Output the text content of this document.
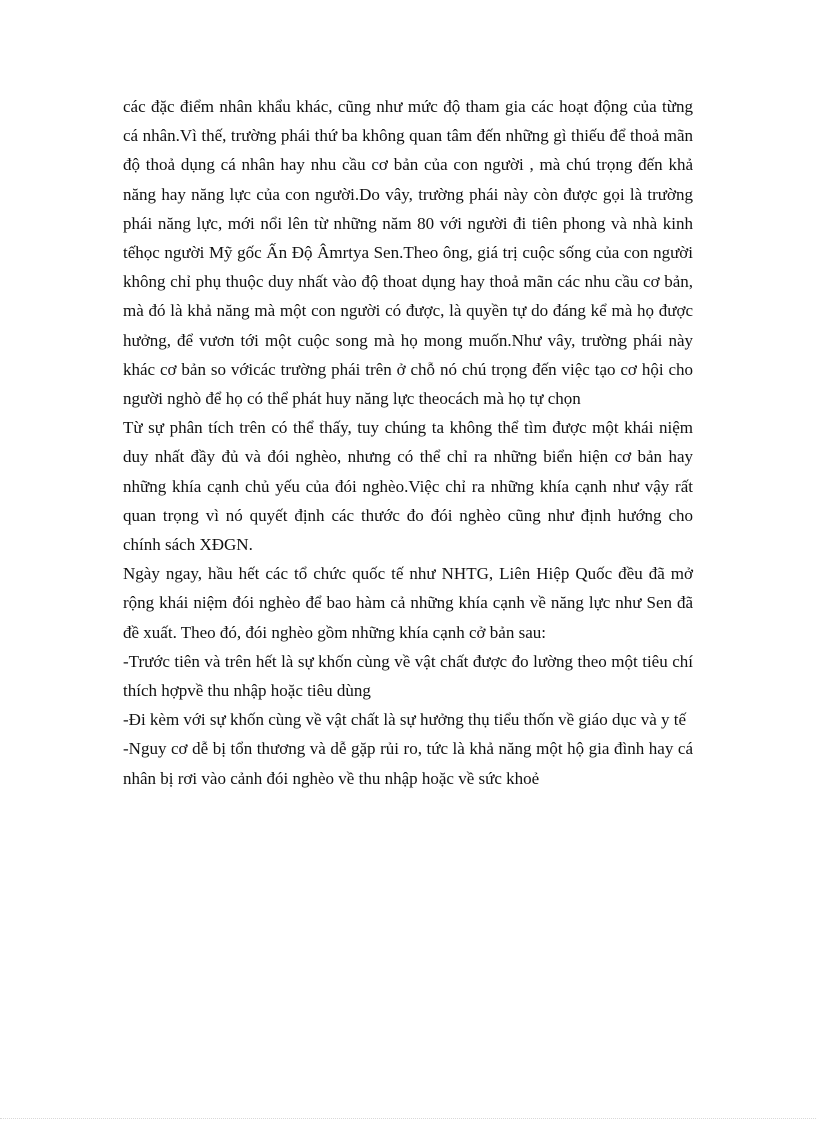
các đặc điểm nhân khẩu khác, cũng như mức độ tham gia các hoạt động của từng cá nhân.Vì thế, trường phái thứ ba không quan tâm đến những gì thiếu để thoả mãn độ thoả dụng cá nhân hay nhu cầu cơ bản của con người , mà chú trọng đến khả năng hay năng lực của con người.Do vây, trường phái này còn được gọi là trường phái năng lực, mới nổi lên từ những năm 80 với người đi tiên phong và nhà kinh tếhọc người Mỹ gốc Ấn Độ Âmrtya Sen.Theo ông, giá trị cuộc sống của con người không chỉ phụ thuộc duy nhất vào độ thoat dụng hay thoả mãn các nhu cầu cơ bản, mà đó là khả năng mà một con người có được, là quyền tự do đáng kể mà họ được hưởng, để vươn tới một cuộc song mà họ mong muốn.Như vây, trường phái này khác cơ bản so vớicác trường phái trên ở chỗ nó chú trọng đến việc tạo cơ hội cho người nghò để họ có thể phát huy năng lực theocách mà họ tự chọn

Từ sự phân tích trên có thể thấy, tuy chúng ta không thể tìm được một khái niệm duy nhất đầy đủ và đói nghèo, nhưng có thể chỉ ra những biển hiện cơ bản hay những khía cạnh chủ yếu của đói nghèo.Việc chỉ ra những khía cạnh như vậy rất quan trọng vì nó quyết định các thước đo đói nghèo cũng như định hướng cho chính sách XĐGN.

Ngày ngay, hầu hết các tổ chức quốc tế như NHTG, Liên Hiệp Quốc đều đã mở rộng khái niệm đói nghèo để bao hàm cả những khía cạnh về năng lực như Sen đã đề xuất. Theo đó, đói nghèo gồm những khía cạnh cở bản sau:

-Trước tiên và trên hết là sự khốn cùng về vật chất được đo lường theo một tiêu chí thích hợpvề thu nhập hoặc tiêu dùng

-Đi kèm với sự khốn cùng về vật chất là sự hưởng thụ tiểu thốn về giáo dục và y tế

-Nguy cơ dễ bị tổn thương và dễ gặp rủi ro, tức là khả năng một hộ gia đình hay cá nhân bị rơi vào cảnh đói nghèo về thu nhập hoặc về sức khoẻ
